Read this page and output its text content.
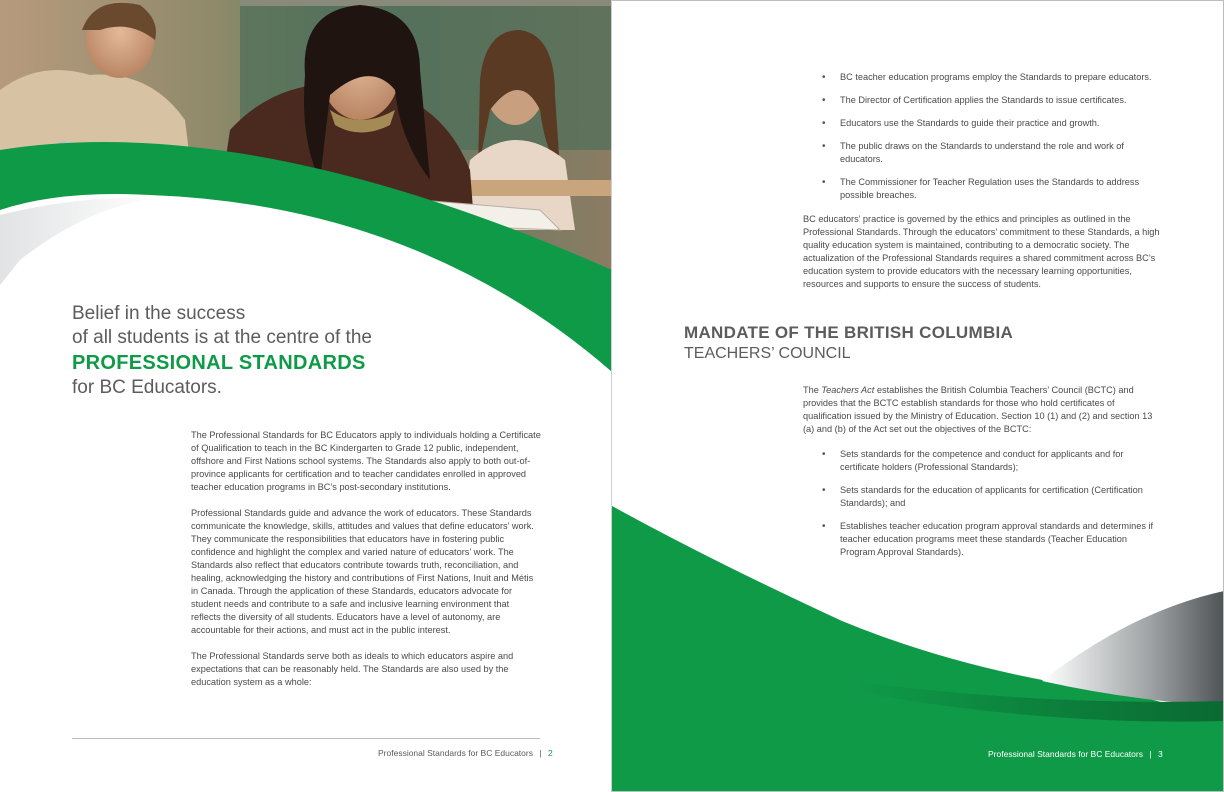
Belief in the success
of all students is at the centre of the
PROFESSIONAL STANDARDS
for BC Educators.

The Professional Standards for BC Educators apply to individuals holding a Certificate of Qualification to teach in the BC Kindergarten to Grade 12 public, independent, offshore and First Nations school systems. The Standards also apply to both out-of-province applicants for certification and to teacher candidates enrolled in approved teacher education programs in BC’s post-secondary institutions.

Professional Standards guide and advance the work of educators. These Standards communicate the knowledge, skills, attitudes and values that define educators’ work. They communicate the responsibilities that educators have in fostering public confidence and highlight the complex and varied nature of educators’ work. The Standards also reflect that educators contribute towards truth, reconciliation, and healing, acknowledging the history and contributions of First Nations, Inuit and Métis in Canada. Through the application of these Standards, educators advocate for student needs and contribute to a safe and inclusive learning environment that reflects the diversity of all students. Educators have a level of autonomy, are accountable for their actions, and must act in the public interest.

The Professional Standards serve both as ideals to which educators aspire and expectations that can be reasonably held. The Standards are also used by the education system as a whole:

Professional Standards for BC Educators | 2
• BC teacher education programs employ the Standards to prepare educators.
• The Director of Certification applies the Standards to issue certificates.
• Educators use the Standards to guide their practice and growth.
• The public draws on the Standards to understand the role and work of educators.
• The Commissioner for Teacher Regulation uses the Standards to address possible breaches.

BC educators’ practice is governed by the ethics and principles as outlined in the Professional Standards. Through the educators’ commitment to these Standards, a high quality education system is maintained, contributing to a democratic society. The actualization of the Professional Standards requires a shared commitment across BC’s education system to provide educators with the necessary learning opportunities, resources and supports to ensure the success of students.

MANDATE OF THE BRITISH COLUMBIA
TEACHERS’ COUNCIL

The Teachers Act establishes the British Columbia Teachers’ Council (BCTC) and provides that the BCTC establish standards for those who hold certificates of qualification issued by the Ministry of Education. Section 10 (1) and (2) and section 13 (a) and (b) of the Act set out the objectives of the BCTC:

• Sets standards for the competence and conduct for applicants and for certificate holders (Professional Standards);
• Sets standards for the education of applicants for certification (Certification Standards); and
• Establishes teacher education program approval standards and determines if teacher education programs meet these standards (Teacher Education Program Approval Standards).
Professional Standards for BC Educators | 3
